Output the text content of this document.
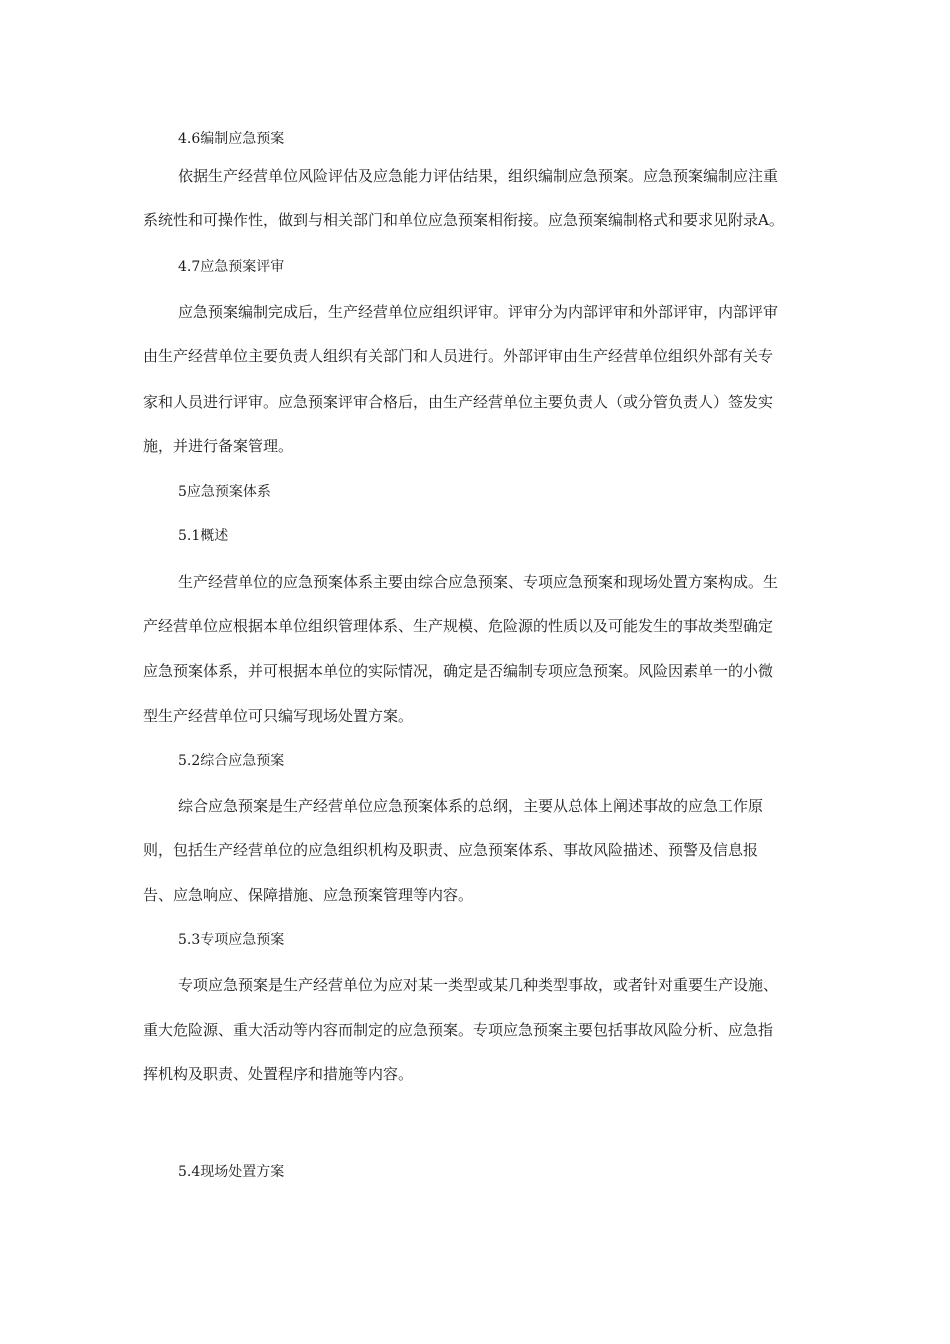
4.6编制应急预案

依据生产经营单位风险评估及应急能力评估结果，组织编制应急预案。应急预案编制应注重

系统性和可操作性，做到与相关部门和单位应急预案相衔接。应急预案编制格式和要求见附录A。

4.7应急预案评审

应急预案编制完成后，生产经营单位应组织评审。评审分为内部评审和外部评审，内部评审

由生产经营单位主要负责人组织有关部门和人员进行。外部评审由生产经营单位组织外部有关专

家和人员进行评审。应急预案评审合格后，由生产经营单位主要负责人（或分管负责人）签发实

施，并进行备案管理。

5应急预案体系
5.1概述

生产经营单位的应急预案体系主要由综合应急预案、专项应急预案和现场处置方案构成。生

产经营单位应根据本单位组织管理体系、生产规模、危险源的性质以及可能发生的事故类型确定

应急预案体系，并可根据本单位的实际情况，确定是否编制专项应急预案。风险因素单一的小微

型生产经营单位可只编写现场处置方案。

5.2综合应急预案

综合应急预案是生产经营单位应急预案体系的总纲，主要从总体上阐述事故的应急工作原

则，包括生产经营单位的应急组织机构及职责、应急预案体系、事故风险描述、预警及信息报

告、应急响应、保障措施、应急预案管理等内容。

5.3专项应急预案

专项应急预案是生产经营单位为应对某一类型或某几种类型事故，或者针对重要生产设施、

重大危险源、重大活动等内容而制定的应急预案。专项应急预案主要包括事故风险分析、应急指

挥机构及职责、处置程序和措施等内容。

5.4现场处置方案
